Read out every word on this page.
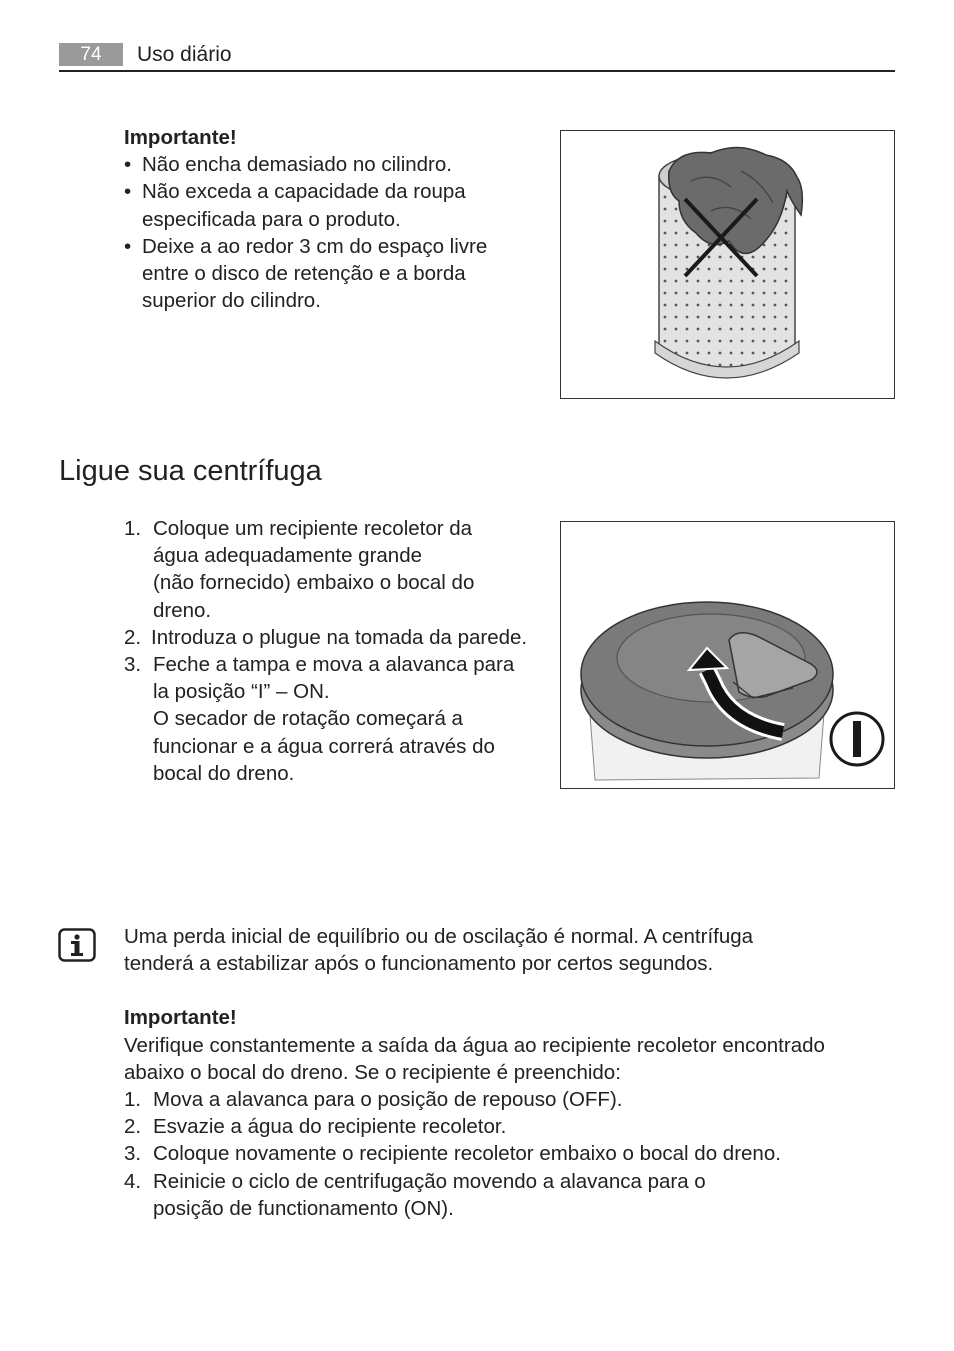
74	Uso diário
Importante!
• Não encha demasiado no cilindro.
• Não exceda a capacidade da roupa
especificada para o produto.
• Deixe a ao redor 3 cm do espaço livre
entre o disco de retenção e a borda
superior do cilindro.
Ligue sua centrífuga
1. Coloque um recipiente recoletor da
água adequadamente grande
(não fornecido) embaixo o bocal do
dreno.
2. Introduza o plugue na tomada da parede.
3. Feche a tampa e mova a alavanca para
la posição “I” – ON.
O secador de rotação começará a
funcionar e a água correrá através do
bocal do dreno.
Uma perda inicial de equilíbrio ou de oscilação é normal. A centrífuga
tenderá a estabilizar após o funcionamento por certos segundos.
Importante!
Verifique constantemente a saída da água ao recipiente recoletor encontrado
abaixo o bocal do dreno. Se o recipiente é preenchido:
1. Mova a alavanca para o posição de repouso (OFF).
2. Esvazie a água do recipiente recoletor.
3. Coloque novamente o recipiente recoletor embaixo o bocal do dreno.
4. Reinicie o ciclo de centrifugação movendo a alavanca para o
posição de functionamento (ON).
